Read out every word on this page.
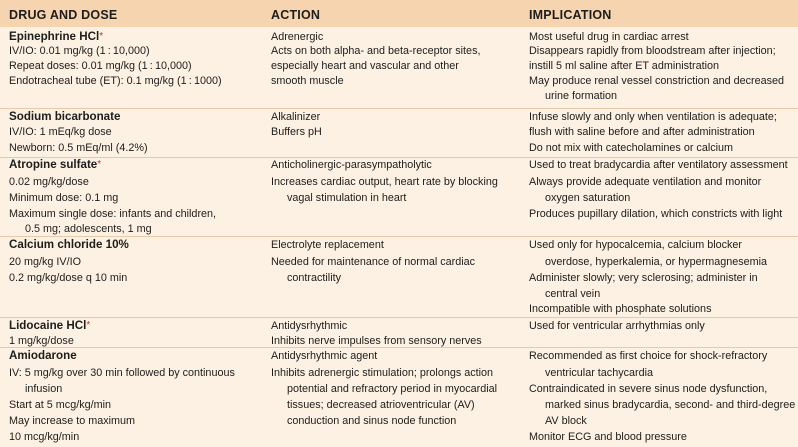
DRUG AND DOSE	ACTION	IMPLICATION
Epinephrine HCl*
IV/IO: 0.01 mg/kg (1 : 10,000)
Repeat doses: 0.01 mg/kg (1 : 10,000)
Endotracheal tube (ET): 0.1 mg/kg (1 : 1000)
Adrenergic
Acts on both alpha- and beta-receptor sites,
especially heart and vascular and other
smooth muscle
Most useful drug in cardiac arrest
Disappears rapidly from bloodstream after injection;
instill 5 ml saline after ET administration
May produce renal vessel constriction and decreased
urine formation
Sodium bicarbonate
IV/IO: 1 mEq/kg dose
Newborn: 0.5 mEq/ml (4.2%)
Alkalinizer
Buffers pH
Infuse slowly and only when ventilation is adequate;
flush with saline before and after administration
Do not mix with catecholamines or calcium
Atropine sulfate*
0.02 mg/kg/dose
Minimum dose: 0.1 mg
Maximum single dose: infants and children,
0.5 mg; adolescents, 1 mg
Anticholinergic-parasympatholytic
Increases cardiac output, heart rate by blocking
vagal stimulation in heart
Used to treat bradycardia after ventilatory assessment
Always provide adequate ventilation and monitor
oxygen saturation
Produces pupillary dilation, which constricts with light
Calcium chloride 10%
20 mg/kg IV/IO
0.2 mg/kg/dose q 10 min
Electrolyte replacement
Needed for maintenance of normal cardiac
contractility
Used only for hypocalcemia, calcium blocker
overdose, hyperkalemia, or hypermagnesemia
Administer slowly; very sclerosing; administer in
central vein
Incompatible with phosphate solutions
Lidocaine HCl*
1 mg/kg/dose
Antidysrhythmic
Inhibits nerve impulses from sensory nerves
Used for ventricular arrhythmias only
Amiodarone
IV: 5 mg/kg over 30 min followed by continuous
infusion
Start at 5 mcg/kg/min
May increase to maximum
10 mcg/kg/min
Antidysrhythmic agent
Inhibits adrenergic stimulation; prolongs action
potential and refractory period in myocardial
tissues; decreased atrioventricular (AV)
conduction and sinus node function
Recommended as first choice for shock-refractory
ventricular tachycardia
Contraindicated in severe sinus node dysfunction,
marked sinus bradycardia, second- and third-degree
AV block
Monitor ECG and blood pressure
